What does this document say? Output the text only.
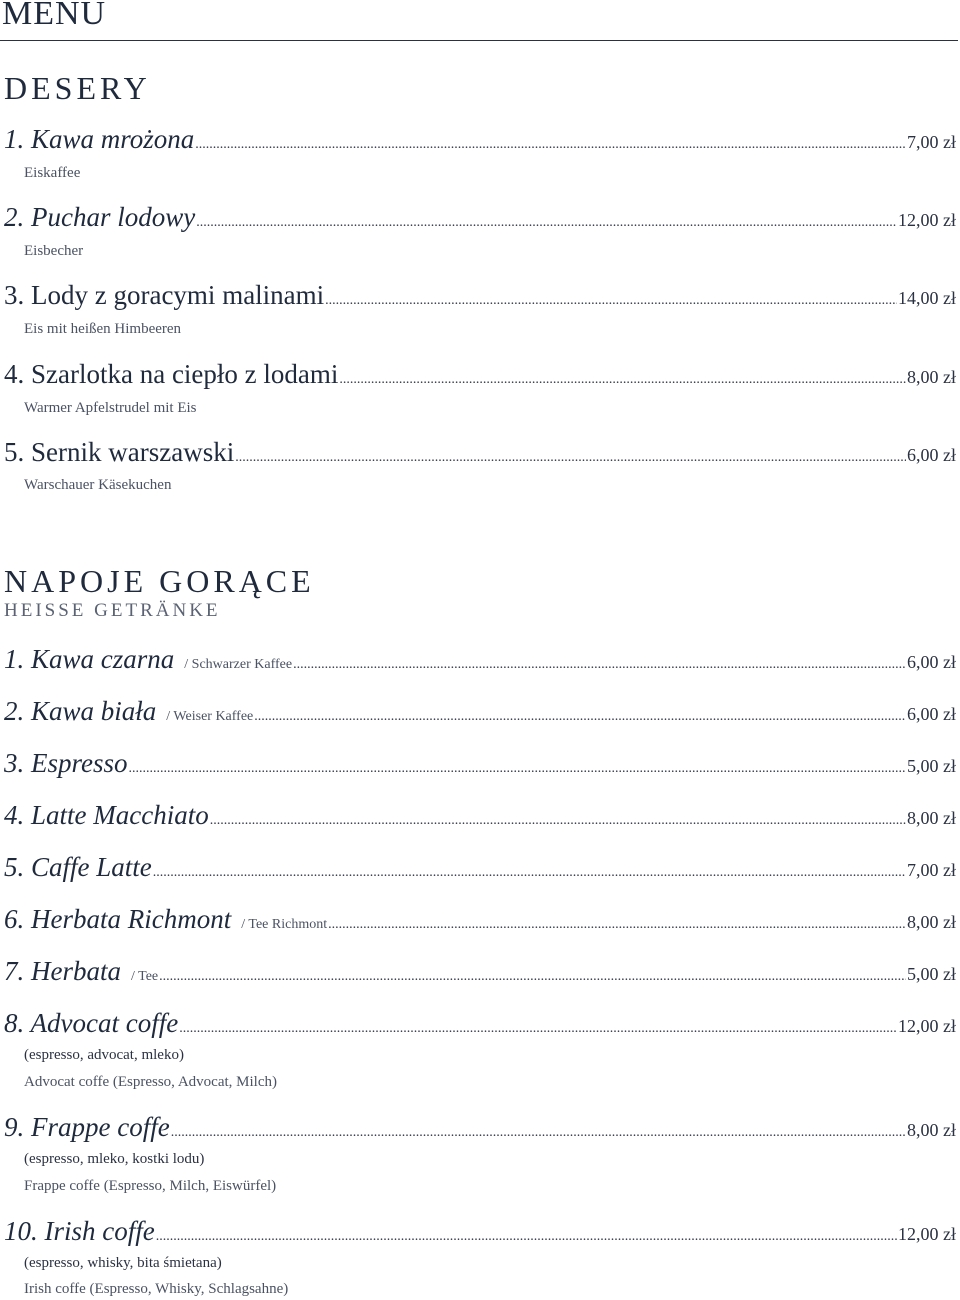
MENU
DESERY
1. Kawa mrożona .....	7,00 zł
Eiskaffee
2. Puchar lodowy .....	12,00 zł
Eisbecher
3. Lody z goracymi malinami .....	14,00 zł
Eis mit heißen Himbeeren
4. Szarlotka na ciepło z lodami .....	8,00 zł
Warmer Apfelstrudel mit Eis
5. Sernik warszawski .....	6,00 zł
Warschauer Käsekuchen
NAPOJE GORĄCE
HEISSE GETRÄNKE
1. Kawa czarna / Schwarzer Kaffee .....	6,00 zł
2. Kawa biała / Weiser Kaffee .....	6,00 zł
3. Espresso .....	5,00 zł
4. Latte Macchiato .....	8,00 zł
5. Caffe Latte .....	7,00 zł
6. Herbata Richmont / Tee Richmont .....	8,00 zł
7. Herbata / Tee .....	5,00 zł
8. Advocat coffe .....	12,00 zł
(espresso, advocat, mleko)
Advocat coffe (Espresso, Advocat, Milch)
9. Frappe coffe .....	8,00 zł
(espresso, mleko, kostki lodu)
Frappe coffe (Espresso, Milch, Eiswürfel)
10. Irish coffe .....	12,00 zł
(espresso, whisky, bita śmietana)
Irish coffe (Espresso, Whisky, Schlagsahne)
